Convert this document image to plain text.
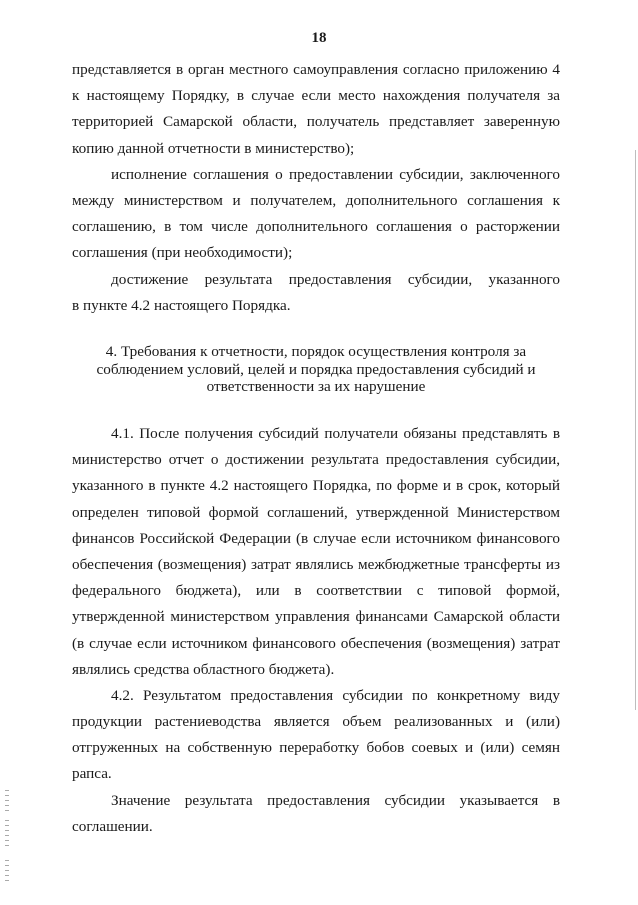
18
представляется в орган местного самоуправления согласно приложению 4
к настоящему Порядку, в случае если место нахождения получателя за
территорией Самарской области, получатель представляет заверенную
копию данной отчетности в министерство);
исполнение соглашения о предоставлении субсидии, заключенного
между министерством и получателем, дополнительного соглашения к
соглашению, в том числе дополнительного соглашения о расторжении
соглашения (при необходимости);
достижение результата предоставления субсидии, указанного
в пункте 4.2 настоящего Порядка.
4. Требования к отчетности, порядок осуществления контроля за
соблюдением условий, целей и порядка предоставления субсидий и
ответственности за их нарушение
4.1. После получения субсидий получатели обязаны представлять в
министерство отчет о достижении результата предоставления субсидии,
указанного в пункте 4.2 настоящего Порядка, по форме и в срок, который
определен типовой формой соглашений, утвержденной Министерством
финансов Российской Федерации (в случае если источником финансового
обеспечения (возмещения) затрат являлись межбюджетные трансферты из
федерального бюджета), или в соответствии с типовой формой,
утвержденной министерством управления финансами Самарской области
(в случае если источником финансового обеспечения (возмещения) затрат
являлись средства областного бюджета).
4.2. Результатом предоставления субсидии по конкретному виду
продукции растениеводства является объем реализованных и (или)
отгруженных на собственную переработку бобов соевых и (или) семян
рапса.
Значение результата предоставления субсидии указывается в
соглашении.
